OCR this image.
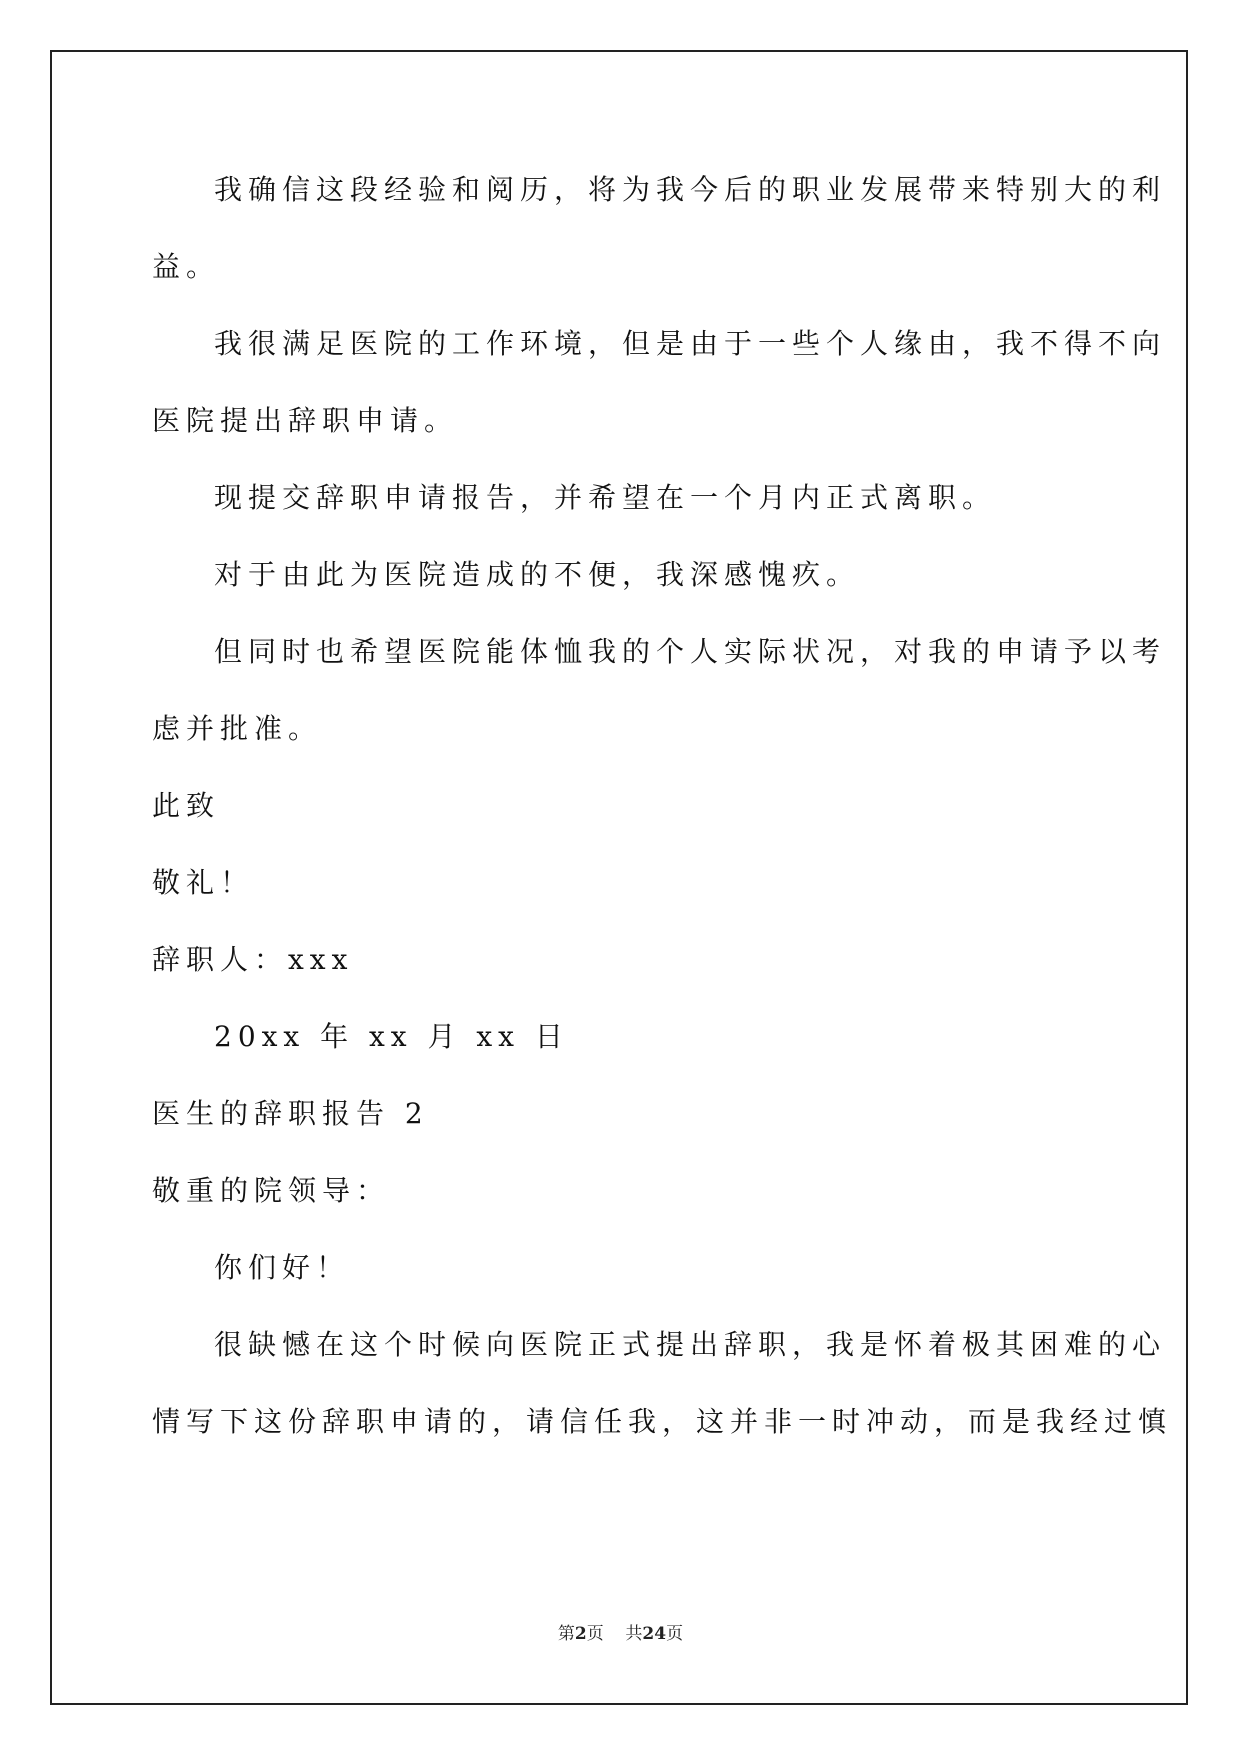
我确信这段经验和阅历，将为我今后的职业发展带来特别大的利
益。
我很满足医院的工作环境，但是由于一些个人缘由，我不得不向
医院提出辞职申请。
现提交辞职申请报告，并希望在一个月内正式离职。
对于由此为医院造成的不便，我深感愧疚。
但同时也希望医院能体恤我的个人实际状况，对我的申请予以考
虑并批准。
此致
敬礼！
辞职人：xxx
20xx 年 xx 月 xx 日
医生的辞职报告 2
敬重的院领导：
你们好！
很缺憾在这个时候向医院正式提出辞职，我是怀着极其困难的心
情写下这份辞职申请的，请信任我，这并非一时冲动，而是我经过慎
第2页 共24页
